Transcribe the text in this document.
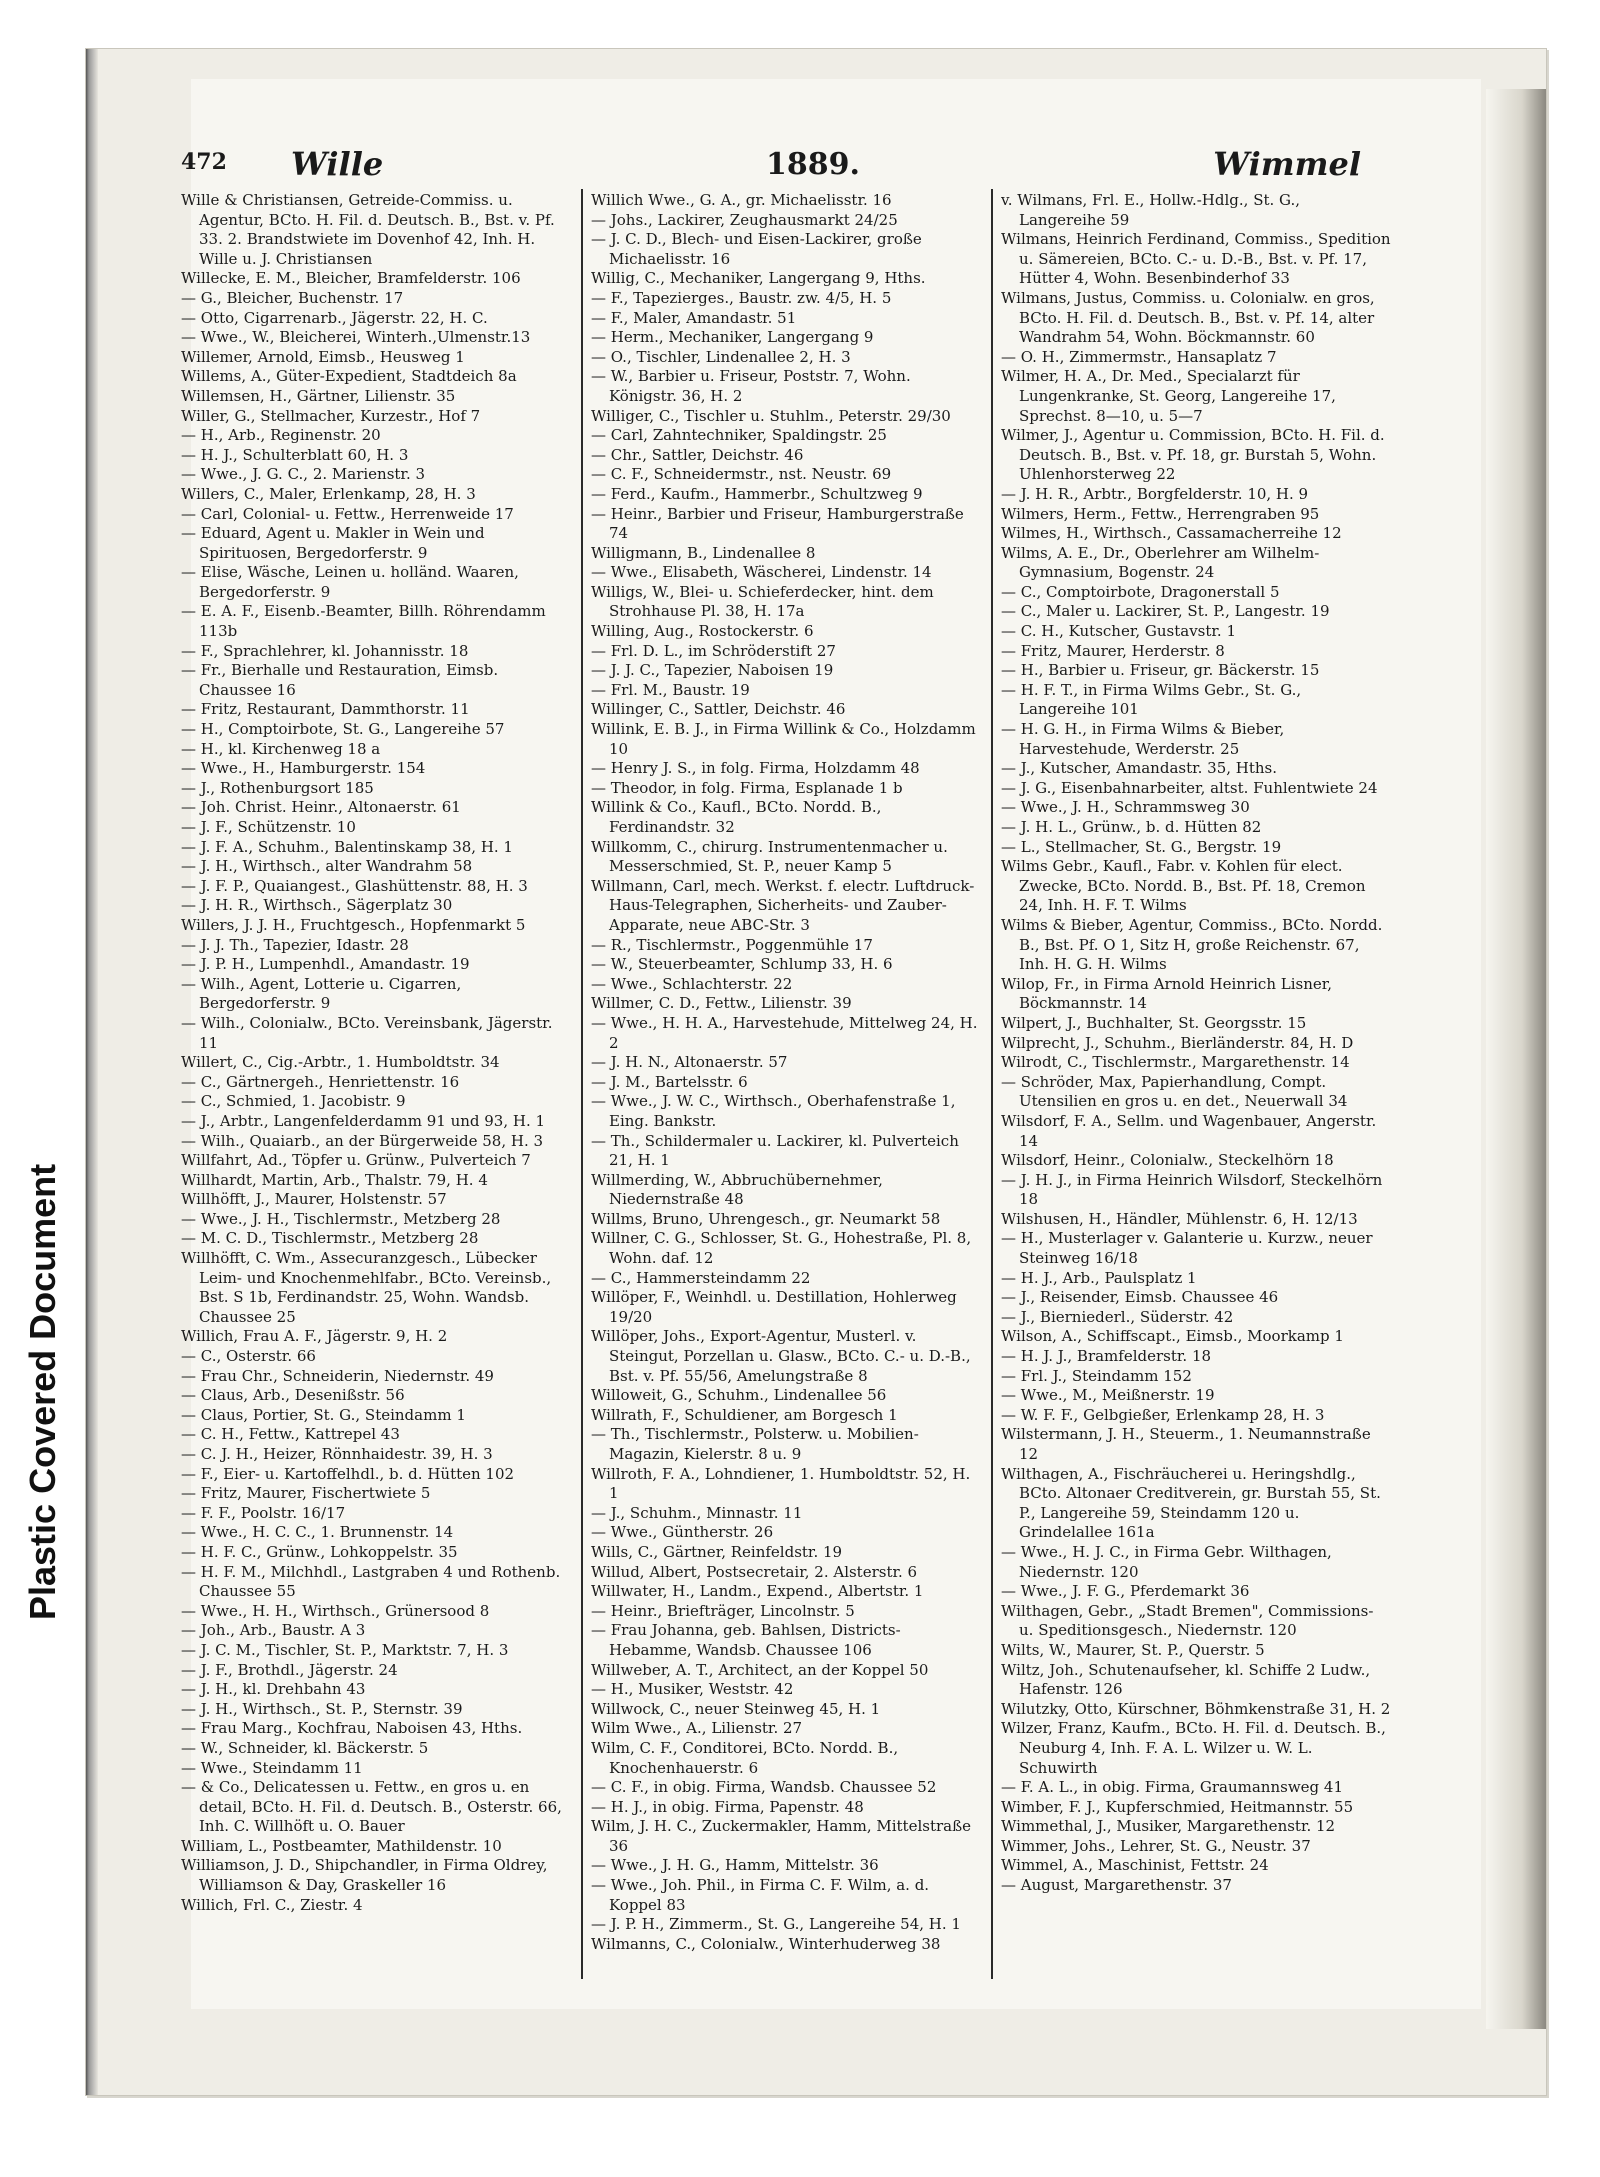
Plastic Covered Document
472 Wille	1889.	Wimmel

Wille & Christiansen, Getreide-Commiss. u. Agentur, BCto. H. Fil. d. Deutsch. B., Bst. v. Pf. 33. 2. Brandstwiete im Dovenhof 42, Inh. H. Wille u. J. Christiansen

Willecke, E. M., Bleicher, Bramfelderstr. 106

— G., Bleicher, Buchenstr. 17

— Otto, Cigarrenarb., Jägerstr. 22, H. C.

— Wwe., W., Bleicherei, Winterh.,Ulmenstr.13

Willemer, Arnold, Eimsb., Heusweg 1

Willems, A., Güter-Expedient, Stadtdeich 8a

Willemsen, H., Gärtner, Lilienstr. 35

Willer, G., Stellmacher, Kurzestr., Hof 7

— H., Arb., Reginenstr. 20

— H. J., Schulterblatt 60, H. 3

— Wwe., J. G. C., 2. Marienstr. 3

Willers, C., Maler, Erlenkamp, 28, H. 3

— Carl, Colonial- u. Fettw., Herrenweide 17

— Eduard, Agent u. Makler in Wein und Spirituosen, Bergedorferstr. 9

— Elise, Wäsche, Leinen u. holländ. Waaren, Bergedorferstr. 9

— E. A. F., Eisenb.-Beamter, Billh. Röhrendamm 113b

— F., Sprachlehrer, kl. Johannisstr. 18

— Fr., Bierhalle und Restauration, Eimsb. Chaussee 16

— Fritz, Restaurant, Dammthorstr. 11

— H., Comptoirbote, St. G., Langereihe 57

— H., kl. Kirchenweg 18 a

— Wwe., H., Hamburgerstr. 154

— J., Rothenburgsort 185

— Joh. Christ. Heinr., Altonaerstr. 61

— J. F., Schützenstr. 10

— J. F. A., Schuhm., Balentinskamp 38, H. 1

— J. H., Wirthsch., alter Wandrahm 58

— J. F. P., Quaiangest., Glashüttenstr. 88, H. 3

— J. H. R., Wirthsch., Sägerplatz 30

Willers, J. J. H., Fruchtgesch., Hopfenmarkt 5

— J. J. Th., Tapezier, Idastr. 28

— J. P. H., Lumpenhdl., Amandastr. 19

— Wilh., Agent, Lotterie u. Cigarren, Bergedorferstr. 9

— Wilh., Colonialw., BCto. Vereinsbank, Jägerstr. 11

Willert, C., Cig.-Arbtr., 1. Humboldtstr. 34

— C., Gärtnergeh., Henriettenstr. 16

— C., Schmied, 1. Jacobistr. 9

— J., Arbtr., Langenfelderdamm 91 und 93, H. 1

— Wilh., Quaiarb., an der Bürgerweide 58, H. 3

Willfahrt, Ad., Töpfer u. Grünw., Pulverteich 7

Willhardt, Martin, Arb., Thalstr. 79, H. 4

Willhöfft, J., Maurer, Holstenstr. 57

— Wwe., J. H., Tischlermstr., Metzberg 28

— M. C. D., Tischlermstr., Metzberg 28

Willhöfft, C. Wm., Assecuranzgesch., Lübecker Leim- und Knochenmehlfabr., BCto. Vereinsb., Bst. S 1b, Ferdinandstr. 25, Wohn. Wandsb. Chaussee 25

Willich, Frau A. F., Jägerstr. 9, H. 2

— C., Osterstr. 66

— Frau Chr., Schneiderin, Niedernstr. 49

— Claus, Arb., Desenißstr. 56

— Claus, Portier, St. G., Steindamm 1

— C. H., Fettw., Kattrepel 43

— C. J. H., Heizer, Rönnhaidestr. 39, H. 3

— F., Eier- u. Kartoffelhdl., b. d. Hütten 102

— Fritz, Maurer, Fischertwiete 5

— F. F., Poolstr. 16/17

— Wwe., H. C. C., 1. Brunnenstr. 14

— H. F. C., Grünw., Lohkoppelstr. 35

— H. F. M., Milchhdl., Lastgraben 4 und Rothenb. Chaussee 55

— Wwe., H. H., Wirthsch., Grünersood 8

— Joh., Arb., Baustr. A 3

— J. C. M., Tischler, St. P., Marktstr. 7, H. 3

— J. F., Brothdl., Jägerstr. 24

— J. H., kl. Drehbahn 43

— J. H., Wirthsch., St. P., Sternstr. 39

— Frau Marg., Kochfrau, Naboisen 43, Hths.

— W., Schneider, kl. Bäckerstr. 5

— Wwe., Steindamm 11

— & Co., Delicatessen u. Fettw., en gros u. en detail, BCto. H. Fil. d. Deutsch. B., Osterstr. 66, Inh. C. Willhöft u. O. Bauer

William, L., Postbeamter, Mathildenstr. 10

Williamson, J. D., Shipchandler, in Firma Oldrey, Williamson & Day, Graskeller 16

Willich, Frl. C., Ziestr. 4

Willich Wwe., G. A., gr. Michaelisstr. 16

— Johs., Lackirer, Zeughausmarkt 24/25

— J. C. D., Blech- und Eisen-Lackirer, große Michaelisstr. 16

Willig, C., Mechaniker, Langergang 9, Hths.

— F., Tapezierges., Baustr. zw. 4/5, H. 5

— F., Maler, Amandastr. 51

— Herm., Mechaniker, Langergang 9

— O., Tischler, Lindenallee 2, H. 3

— W., Barbier u. Friseur, Poststr. 7, Wohn. Königstr. 36, H. 2

Williger, C., Tischler u. Stuhlm., Peterstr. 29/30

— Carl, Zahntechniker, Spaldingstr. 25

— Chr., Sattler, Deichstr. 46

— C. F., Schneidermstr., nst. Neustr. 69

— Ferd., Kaufm., Hammerbr., Schultzweg 9

— Heinr., Barbier und Friseur, Hamburgerstraße 74

Willigmann, B., Lindenallee 8

— Wwe., Elisabeth, Wäscherei, Lindenstr. 14

Willigs, W., Blei- u. Schieferdecker, hint. dem Strohhause Pl. 38, H. 17a

Willing, Aug., Rostockerstr. 6

— Frl. D. L., im Schröderstift 27

— J. J. C., Tapezier, Naboisen 19

— Frl. M., Baustr. 19

Willinger, C., Sattler, Deichstr. 46

Willink, E. B. J., in Firma Willink & Co., Holzdamm 10

— Henry J. S., in folg. Firma, Holzdamm 48

— Theodor, in folg. Firma, Esplanade 1 b

Willink & Co., Kaufl., BCto. Nordd. B., Ferdinandstr. 32

Willkomm, C., chirurg. Instrumentenmacher u. Messerschmied, St. P., neuer Kamp 5

Willmann, Carl, mech. Werkst. f. electr. Luftdruck-Haus-Telegraphen, Sicherheits- und Zauber-Apparate, neue ABC-Str. 3

— R., Tischlermstr., Poggenmühle 17

— W., Steuerbeamter, Schlump 33, H. 6

— Wwe., Schlachterstr. 22

Willmer, C. D., Fettw., Lilienstr. 39

— Wwe., H. H. A., Harvestehude, Mittelweg 24, H. 2

— J. H. N., Altonaerstr. 57

— J. M., Bartelsstr. 6

— Wwe., J. W. C., Wirthsch., Oberhafenstraße 1, Eing. Bankstr.

— Th., Schildermaler u. Lackirer, kl. Pulverteich 21, H. 1

Willmerding, W., Abbruchübernehmer, Niedernstraße 48

Willms, Bruno, Uhrengesch., gr. Neumarkt 58

Willner, C. G., Schlosser, St. G., Hohestraße, Pl. 8, Wohn. daf. 12

— C., Hammersteindamm 22

Willöper, F., Weinhdl. u. Destillation, Hohlerweg 19/20

Willöper, Johs., Export-Agentur, Musterl. v. Steingut, Porzellan u. Glasw., BCto. C.- u. D.-B., Bst. v. Pf. 55/56, Amelungstraße 8

Willoweit, G., Schuhm., Lindenallee 56

Willrath, F., Schuldiener, am Borgesch 1

— Th., Tischlermstr., Polsterw. u. Mobilien-Magazin, Kielerstr. 8 u. 9

Willroth, F. A., Lohndiener, 1. Humboldtstr. 52, H. 1

— J., Schuhm., Minnastr. 11

— Wwe., Güntherstr. 26

Wills, C., Gärtner, Reinfeldstr. 19

Willud, Albert, Postsecretair, 2. Alsterstr. 6

Willwater, H., Landm., Expend., Albertstr. 1

— Heinr., Briefträger, Lincolnstr. 5

— Frau Johanna, geb. Bahlsen, Districts-Hebamme, Wandsb. Chaussee 106

Willweber, A. T., Architect, an der Koppel 50

— H., Musiker, Weststr. 42

Willwock, C., neuer Steinweg 45, H. 1

Wilm Wwe., A., Lilienstr. 27

Wilm, C. F., Conditorei, BCto. Nordd. B., Knochenhauerstr. 6

— C. F., in obig. Firma, Wandsb. Chaussee 52

— H. J., in obig. Firma, Papenstr. 48

Wilm, J. H. C., Zuckermakler, Hamm, Mittelstraße 36

— Wwe., J. H. G., Hamm, Mittelstr. 36

— Wwe., Joh. Phil., in Firma C. F. Wilm, a. d. Koppel 83

— J. P. H., Zimmerm., St. G., Langereihe 54, H. 1

Wilmanns, C., Colonialw., Winterhuderweg 38

v. Wilmans, Frl. E., Hollw.-Hdlg., St. G., Langereihe 59

Wilmans, Heinrich Ferdinand, Commiss., Spedition u. Sämereien, BCto. C.- u. D.-B., Bst. v. Pf. 17, Hütter 4, Wohn. Besenbinderhof 33

Wilmans, Justus, Commiss. u. Colonialw. en gros, BCto. H. Fil. d. Deutsch. B., Bst. v. Pf. 14, alter Wandrahm 54, Wohn. Böckmannstr. 60

— O. H., Zimmermstr., Hansaplatz 7

Wilmer, H. A., Dr. Med., Specialarzt für Lungenkranke, St. Georg, Langereihe 17, Sprechst. 8—10, u. 5—7

Wilmer, J., Agentur u. Commission, BCto. H. Fil. d. Deutsch. B., Bst. v. Pf. 18, gr. Burstah 5, Wohn. Uhlenhorsterweg 22

— J. H. R., Arbtr., Borgfelderstr. 10, H. 9

Wilmers, Herm., Fettw., Herrengraben 95

Wilmes, H., Wirthsch., Cassamacherreihe 12

Wilms, A. E., Dr., Oberlehrer am Wilhelm-Gymnasium, Bogenstr. 24

— C., Comptoirbote, Dragonerstall 5

— C., Maler u. Lackirer, St. P., Langestr. 19

— C. H., Kutscher, Gustavstr. 1

— Fritz, Maurer, Herderstr. 8

— H., Barbier u. Friseur, gr. Bäckerstr. 15

— H. F. T., in Firma Wilms Gebr., St. G., Langereihe 101

— H. G. H., in Firma Wilms & Bieber, Harvestehude, Werderstr. 25

— J., Kutscher, Amandastr. 35, Hths.

— J. G., Eisenbahnarbeiter, altst. Fuhlentwiete 24

— Wwe., J. H., Schrammsweg 30

— J. H. L., Grünw., b. d. Hütten 82

— L., Stellmacher, St. G., Bergstr. 19

Wilms Gebr., Kaufl., Fabr. v. Kohlen für elect. Zwecke, BCto. Nordd. B., Bst. Pf. 18, Cremon 24, Inh. H. F. T. Wilms

Wilms & Bieber, Agentur, Commiss., BCto. Nordd. B., Bst. Pf. O 1, Sitz H, große Reichenstr. 67, Inh. H. G. H. Wilms

Wilop, Fr., in Firma Arnold Heinrich Lisner, Böckmannstr. 14

Wilpert, J., Buchhalter, St. Georgsstr. 15

Wilprecht, J., Schuhm., Bierländerstr. 84, H. D

Wilrodt, C., Tischlermstr., Margarethenstr. 14

— Schröder, Max, Papierhandlung, Compt. Utensilien en gros u. en det., Neuerwall 34

Wilsdorf, F. A., Sellm. und Wagenbauer, Angerstr. 14

Wilsdorf, Heinr., Colonialw., Steckelhörn 18

— J. H. J., in Firma Heinrich Wilsdorf, Steckelhörn 18

Wilshusen, H., Händler, Mühlenstr. 6, H. 12/13

— H., Musterlager v. Galanterie u. Kurzw., neuer Steinweg 16/18

— H. J., Arb., Paulsplatz 1

— J., Reisender, Eimsb. Chaussee 46

— J., Bierniederl., Süderstr. 42

Wilson, A., Schiffscapt., Eimsb., Moorkamp 1

— H. J. J., Bramfelderstr. 18

— Frl. J., Steindamm 152

— Wwe., M., Meißnerstr. 19

— W. F. F., Gelbgießer, Erlenkamp 28, H. 3

Wilstermann, J. H., Steuerm., 1. Neumannstraße 12

Wilthagen, A., Fischräucherei u. Heringshdlg., BCto. Altonaer Creditverein, gr. Burstah 55, St. P., Langereihe 59, Steindamm 120 u. Grindelallee 161a

— Wwe., H. J. C., in Firma Gebr. Wilthagen, Niedernstr. 120

— Wwe., J. F. G., Pferdemarkt 36

Wilthagen, Gebr., „Stadt Bremen", Commissions- u. Speditionsgesch., Niedernstr. 120

Wilts, W., Maurer, St. P., Querstr. 5

Wiltz, Joh., Schutenaufseher, kl. Schiffe 2 Ludw., Hafenstr. 126

Wilutzky, Otto, Kürschner, Böhmkenstraße 31, H. 2

Wilzer, Franz, Kaufm., BCto. H. Fil. d. Deutsch. B., Neuburg 4, Inh. F. A. L. Wilzer u. W. L. Schuwirth

— F. A. L., in obig. Firma, Graumannsweg 41

Wimber, F. J., Kupferschmied, Heitmannstr. 55

Wimmethal, J., Musiker, Margarethenstr. 12

Wimmer, Johs., Lehrer, St. G., Neustr. 37

Wimmel, A., Maschinist, Fettstr. 24

— August, Margarethenstr. 37
